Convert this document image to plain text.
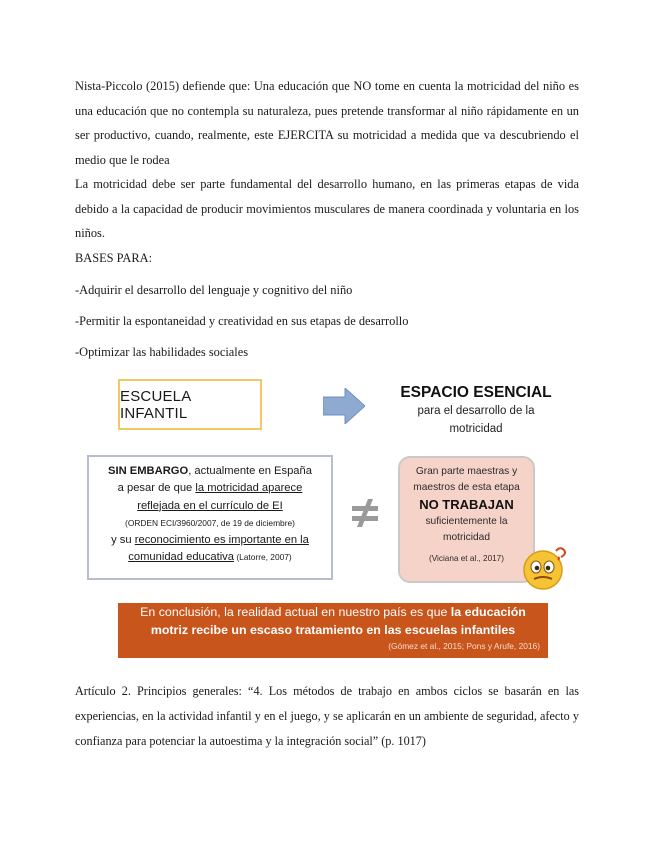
Nista-Piccolo (2015) defiende que: Una educación que NO tome en cuenta la motricidad del niño es una educación que no contempla su naturaleza, pues pretende transformar al niño rápidamente en un ser productivo, cuando, realmente, este EJERCITA su motricidad a medida que va descubriendo el medio que le rodea
La motricidad debe ser parte fundamental del desarrollo humano, en las primeras etapas de vida debido a la capacidad de producir movimientos musculares de manera coordinada y voluntaria en los niños.
BASES PARA:
-Adquirir el desarrollo del lenguaje y cognitivo del niño
-Permitir la espontaneidad y creatividad en sus etapas de desarrollo
-Optimizar las habilidades sociales
ESCUELA INFANTIL
ESPACIO ESENCIAL
para el desarrollo de la
motricidad
SIN EMBARGO, actualmente en España
a pesar de que la motricidad aparece
reflejada en el currículo de EI
(ORDEN ECI/3960/2007, de 19 de diciembre)
y su reconocimiento es importante en la
comunidad educativa (Latorre, 2007)
Gran parte maestras y
maestros de esta etapa
NO TRABAJAN
suficientemente la
motricidad
(Viciana et al., 2017)
En conclusión, la realidad actual en nuestro país es que la educación
motriz recibe un escaso tratamiento en las escuelas infantiles
(Gómez et al., 2015; Pons y Arufe, 2016)
Artículo 2. Principios generales: “4. Los métodos de trabajo en ambos ciclos se basarán en las experiencias, en la actividad infantil y en el juego, y se aplicarán en un ambiente de seguridad, afecto y confianza para potenciar la autoestima y la integración social” (p. 1017)
